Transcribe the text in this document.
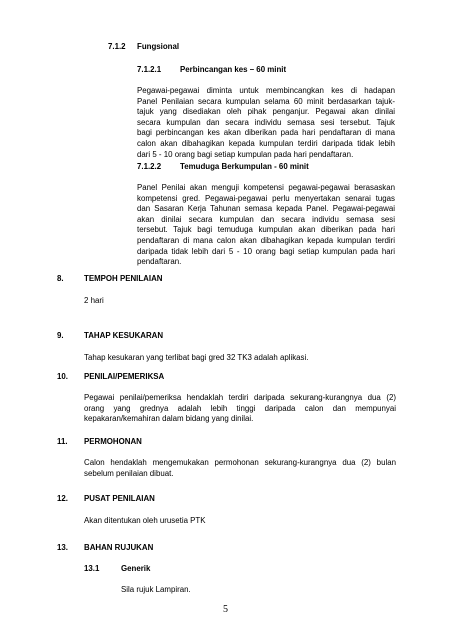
7.1.2 Fungsional
7.1.2.1 Perbincangan kes – 60 minit
Pegawai-pegawai diminta untuk membincangkan kes di hadapan
Panel Penilaian secara kumpulan selama 60 minit berdasarkan tajuk-
tajuk yang disediakan oleh pihak penganjur. Pegawai akan dinilai
secara kumpulan dan secara individu semasa sesi tersebut. Tajuk
bagi perbincangan kes akan diberikan pada hari pendaftaran di mana
calon akan dibahagikan kepada kumpulan terdiri daripada tidak lebih
dari 5 - 10 orang bagi setiap kumpulan pada hari pendaftaran.
7.1.2.2 Temuduga Berkumpulan - 60 minit
Panel Penilai akan menguji kompetensi pegawai-pegawai berasaskan
kompetensi gred. Pegawai-pegawai perlu menyertakan senarai tugas
dan Sasaran Kerja Tahunan semasa kepada Panel. Pegawai-pegawai
akan dinilai secara kumpulan dan secara individu semasa sesi
tersebut. Tajuk bagi temuduga kumpulan akan diberikan pada hari
pendaftaran di mana calon akan dibahagikan kepada kumpulan terdiri
daripada tidak lebih dari 5 - 10 orang bagi setiap kumpulan pada hari
pendaftaran.
8.	TEMPOH PENILAIAN
2 hari
9.	TAHAP KESUKARAN
Tahap kesukaran yang terlibat bagi gred 32 TK3 adalah aplikasi.
10. PENILAI/PEMERIKSA
Pegawai penilai/pemeriksa hendaklah terdiri daripada sekurang-kurangnya dua (2)
orang yang grednya adalah lebih tinggi daripada calon dan mempunyai
kepakaran/kemahiran dalam bidang yang dinilai.
11. PERMOHONAN
Calon hendaklah mengemukakan permohonan sekurang-kurangnya dua (2) bulan
sebelum penilaian dibuat.
12. PUSAT PENILAIAN
Akan ditentukan oleh urusetia PTK
13. BAHAN RUJUKAN
13.1	Generik
Sila rujuk Lampiran.
5
